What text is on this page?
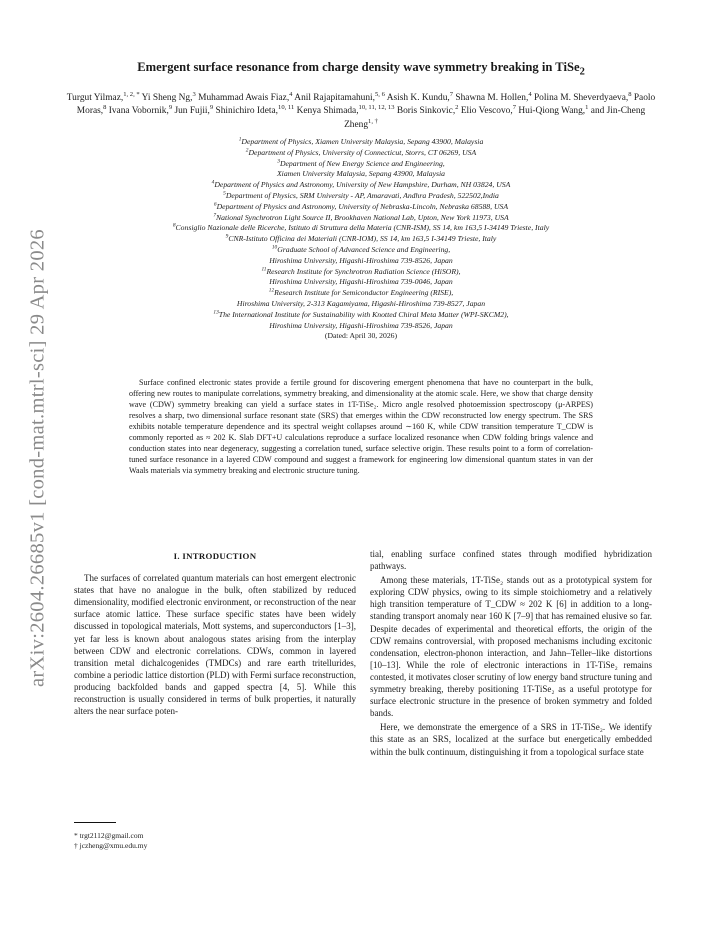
arXiv:2604.26685v1 [cond-mat.mtrl-sci] 29 Apr 2026
Emergent surface resonance from charge density wave symmetry breaking in TiSe$_2$
Turgut Yilmaz,$^{1, 2, *}$ Yi Sheng Ng,$^3$ Muhammad Awais Fiaz,$^4$ Anil Rajapitamahuni,$^{5, 6}$ Asish K. Kundu,$^7$ Shawna M. Hollen,$^4$ Polina M. Sheverdyaeva,$^8$ Paolo Moras,$^8$ Ivana Vobornik,$^9$ Jun Fujii,$^9$ Shinichiro Ideta,$^{10, 11}$ Kenya Shimada,$^{10, 11, 12, 13}$ Boris Sinkovic,$^2$ Elio Vescovo,$^7$ Hui-Qiong Wang,$^1$ and Jin-Cheng Zheng$^{1, \dagger}$
$^1$Department of Physics, Xiamen University Malaysia, Sepang 43900, Malaysia
$^2$Department of Physics, University of Connecticut, Storrs, CT 06269, USA
$^3$Department of New Energy Science and Engineering,
Xiamen University Malaysia, Sepang 43900, Malaysia
$^4$Department of Physics and Astronomy, University of New Hampshire, Durham, NH 03824, USA
$^5$Department of Physics, SRM University - AP, Amaravati, Andhra Pradesh, 522502,India
$^6$Department of Physics and Astronomy, University of Nebraska-Lincoln, Nebraska 68588, USA
$^7$National Synchrotron Light Source II, Brookhaven National Lab, Upton, New York 11973, USA
$^8$Consiglio Nazionale delle Ricerche, Istituto di Struttura della Materia (CNR-ISM), SS 14, km 163,5 I-34149 Trieste, Italy
$^9$CNR-Istituto Officina dei Materiali (CNR-IOM), SS 14, km 163,5 I-34149 Trieste, Italy
$^{10}$Graduate School of Advanced Science and Engineering,
Hiroshima University, Higashi-Hiroshima 739-8526, Japan
$^{11}$Research Institute for Synchrotron Radiation Science (HiSOR),
Hiroshima University, Higashi-Hiroshima 739-0046, Japan
$^{12}$Research Institute for Semiconductor Engineering (RISE),
Hiroshima University, 2-313 Kagamiyama, Higashi-Hiroshima 739-8527, Japan
$^{13}$The International Institute for Sustainability with Knotted Chiral Meta Matter (WPI-SKCM2),
Hiroshima University, Higashi-Hiroshima 739-8526, Japan
(Dated: April 30, 2026)
Surface confined electronic states provide a fertile ground for discovering emergent phenomena that have no counterpart in the bulk, offering new routes to manipulate correlations, symmetry breaking, and dimensionality at the atomic scale. Here, we show that charge density wave (CDW) symmetry breaking can yield a surface states in 1T-TiSe₂. Micro angle resolved photoemission spectroscopy (μ-ARPES) resolves a sharp, two dimensional surface resonant state (SRS) that emerges within the CDW reconstructed low energy spectrum. The SRS exhibits notable temperature dependence and its spectral weight collapses around ∼160 K, while CDW transition temperature T_CDW is commonly reported as ≈ 202 K. Slab DFT+U calculations reproduce a surface localized resonance when CDW folding brings valence and conduction states into near degeneracy, suggesting a correlation tuned, surface selective origin. These results point to a form of correlation-tuned surface resonance in a layered CDW compound and suggest a framework for engineering low dimensional quantum states in van der Waals materials via symmetry breaking and electronic structure tuning.
I. INTRODUCTION

The surfaces of correlated quantum materials can host emergent electronic states that have no analogue in the bulk, often stabilized by reduced dimensionality, modified electronic environment, or reconstruction of the near surface atomic lattice. These surface specific states have been widely discussed in topological materials, Mott systems, and superconductors [1–3], yet far less is known about analogous states arising from the interplay between CDW and electronic correlations. CDWs, common in layered transition metal dichalcogenides (TMDCs) and rare earth tritellurides, combine a periodic lattice distortion (PLD) with Fermi surface reconstruction, producing backfolded bands and gapped spectra [4, 5]. While this reconstruction is usually considered in terms of bulk properties, it naturally alters the near surface poten-

tial, enabling surface confined states through modified hybridization pathways.

Among these materials, 1T-TiSe₂ stands out as a prototypical system for exploring CDW physics, owing to its simple stoichiometry and a relatively high transition temperature of T_CDW ≈ 202 K [6] in addition to a long-standing transport anomaly near 160 K [7–9] that has remained elusive so far. Despite decades of experimental and theoretical efforts, the origin of the CDW remains controversial, with proposed mechanisms including excitonic condensation, electron-phonon interaction, and Jahn–Teller–like distortions [10–13]. While the role of electronic interactions in 1T-TiSe₂ remains contested, it motivates closer scrutiny of low energy band structure tuning and symmetry breaking, thereby positioning 1T-TiSe₂ as a useful prototype for surface electronic structure in the presence of broken symmetry and folded bands.

Here, we demonstrate the emergence of a SRS in 1T-TiSe₂. We identify this state as an SRS, localized at the surface but energetically embedded within the bulk continuum, distinguishing it from a topological surface state

* trgt2112@gmail.com
† jczheng@xmu.edu.my
